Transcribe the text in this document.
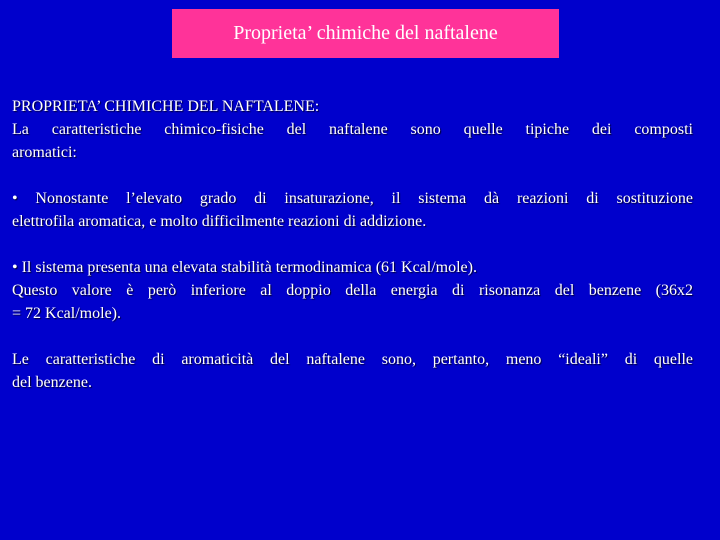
Proprieta’ chimiche del naftalene
PROPRIETA’ CHIMICHE DEL NAFTALENE:
La caratteristiche chimico-fisiche del naftalene sono quelle tipiche dei composti
aromatici:
• Nonostante l’elevato grado di insaturazione, il sistema dà reazioni di sostituzione
elettrofila aromatica, e molto difficilmente reazioni di addizione.
• Il sistema presenta una elevata stabilità termodinamica (61 Kcal/mole).
Questo valore è però inferiore al doppio della energia di risonanza del benzene (36x2
= 72 Kcal/mole).
Le caratteristiche di aromaticità del naftalene sono, pertanto, meno “ideali” di quelle
del benzene.
